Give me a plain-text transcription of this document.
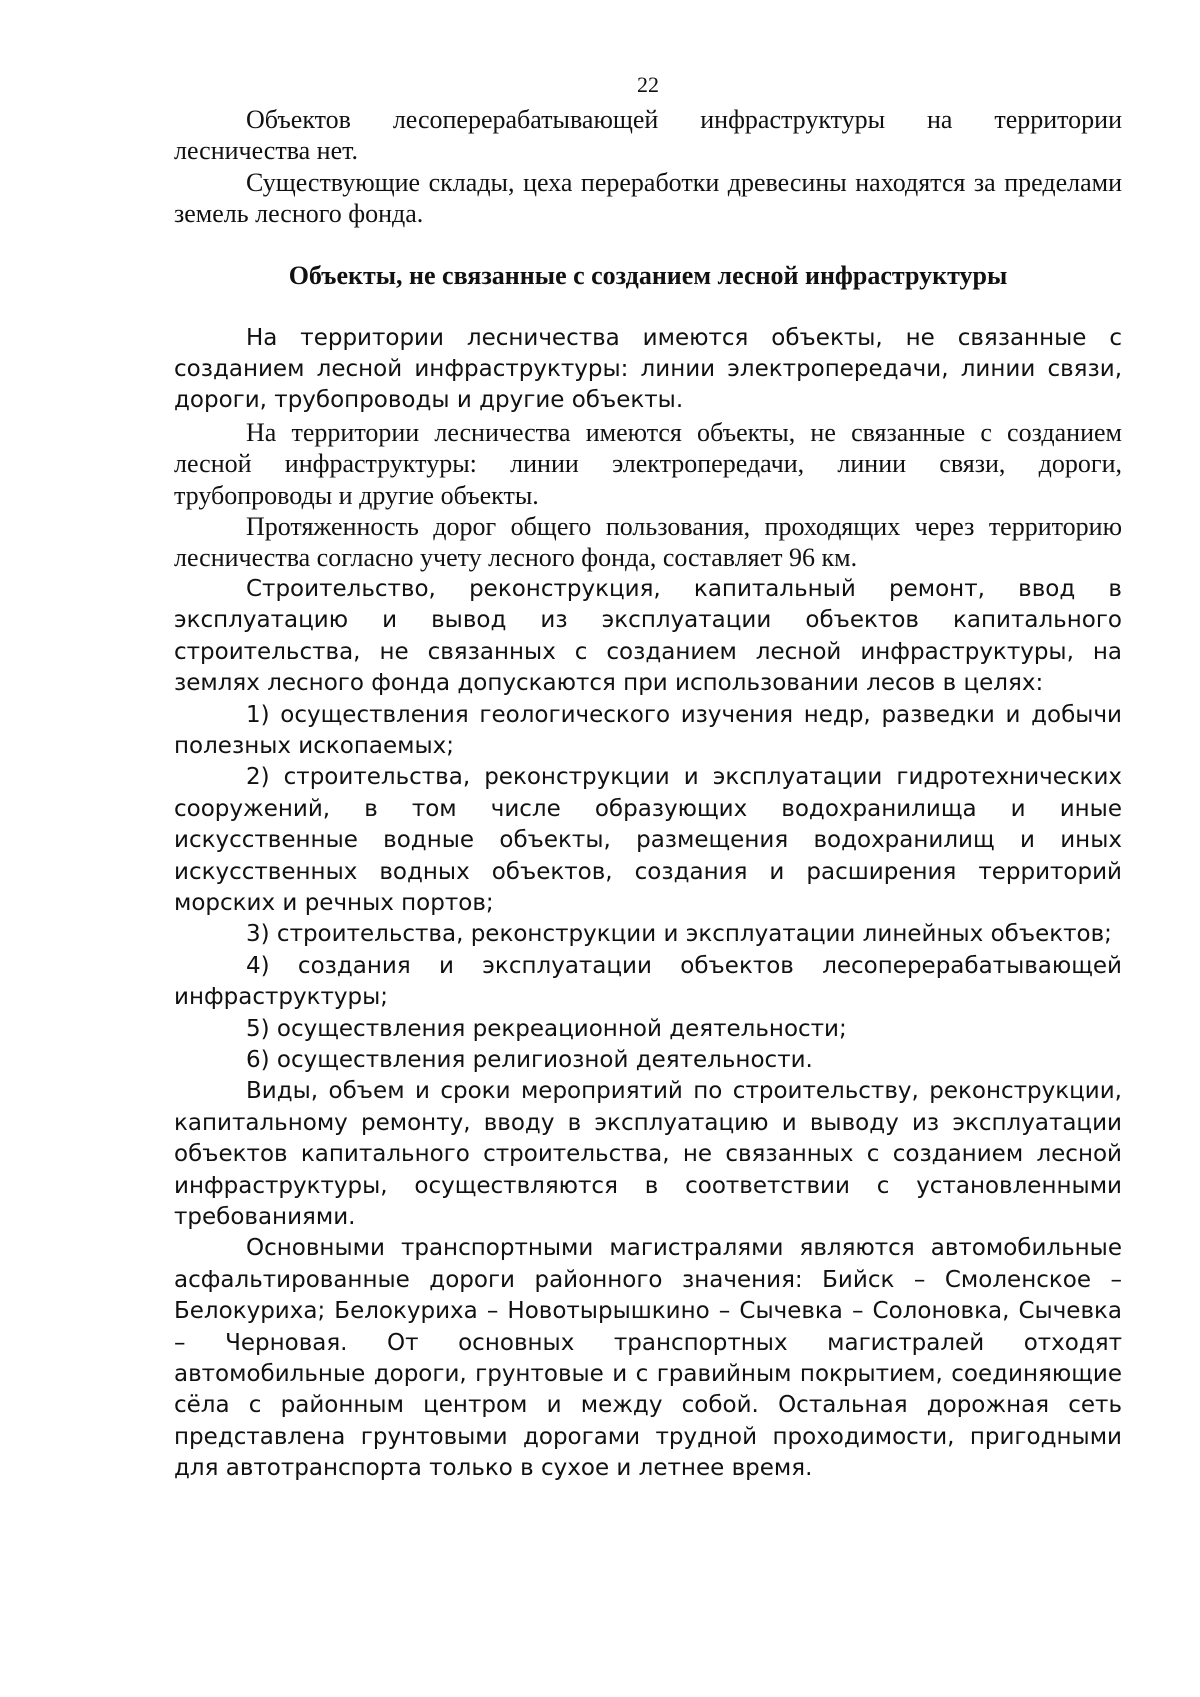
22

Объектов лесоперерабатывающей инфраструктуры на территории лесничества нет.

Существующие склады, цеха переработки древесины находятся за пределами земель лесного фонда.

Объекты, не связанные с созданием лесной инфраструктуры

На территории лесничества имеются объекты, не связанные с созданием лесной инфраструктуры: линии электропередачи, линии связи, дороги, трубопроводы и другие объекты.

На территории лесничества имеются объекты, не связанные с созданием лесной инфраструктуры: линии электропередачи, линии связи, дороги, трубопроводы и другие объекты.

Протяженность дорог общего пользования, проходящих через территорию лесничества согласно учету лесного фонда, составляет 96 км.

Строительство, реконструкция, капитальный ремонт, ввод в эксплуатацию и вывод из эксплуатации объектов капитального строительства, не связанных с созданием лесной инфраструктуры, на землях лесного фонда допускаются при использовании лесов в целях:

1) осуществления геологического изучения недр, разведки и добычи полезных ископаемых;

2) строительства, реконструкции и эксплуатации гидротехнических сооружений, в том числе образующих водохранилища и иные искусственные водные объекты, размещения водохранилищ и иных искусственных водных объектов, создания и расширения территорий морских и речных портов;

3) строительства, реконструкции и эксплуатации линейных объектов;

4) создания и эксплуатации объектов лесоперерабатывающей инфраструктуры;

5) осуществления рекреационной деятельности;

6) осуществления религиозной деятельности.

Виды, объем и сроки мероприятий по строительству, реконструкции, капитальному ремонту, вводу в эксплуатацию и выводу из эксплуатации объектов капитального строительства, не связанных с созданием лесной инфраструктуры, осуществляются в соответствии с установленными требованиями.

Основными транспортными магистралями являются автомобильные асфальтированные дороги районного значения: Бийск – Смоленское – Белокуриха; Белокуриха – Новотырышкино – Сычевка – Солоновка, Сычевка – Черновая. От основных транспортных магистралей отходят автомобильные дороги, грунтовые и с гравийным покрытием, соединяющие сёла с районным центром и между собой. Остальная дорожная сеть представлена грунтовыми дорогами трудной проходимости, пригодными для автотранспорта только в сухое и летнее время.
